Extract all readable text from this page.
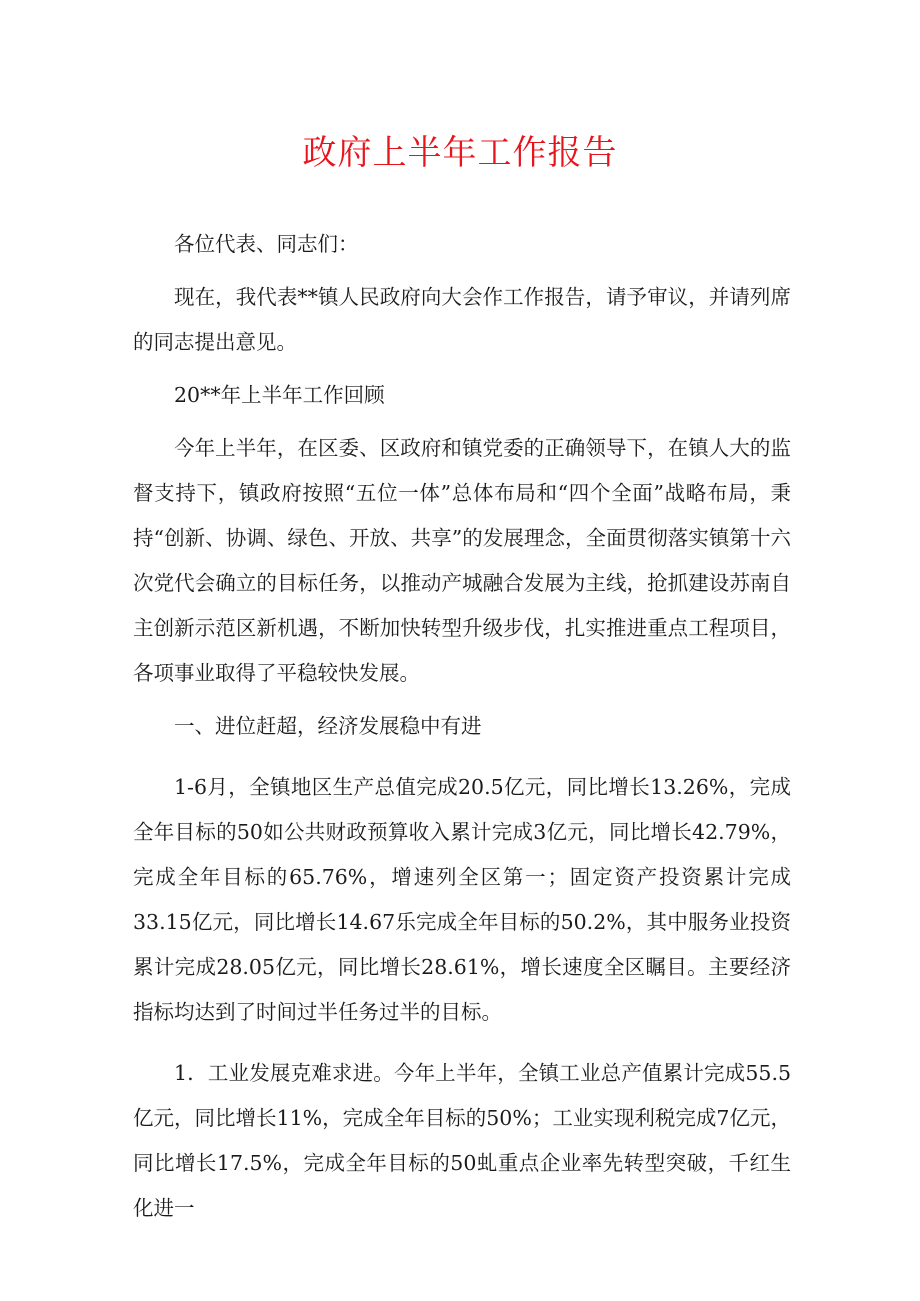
政府上半年工作报告

各位代表、同志们：

现在，我代表**镇人民政府向大会作工作报告，请予审议，并请列席的同志提出意见。

20**年上半年工作回顾

今年上半年，在区委、区政府和镇党委的正确领导下，在镇人大的监督支持下，镇政府按照“五位一体”总体布局和“四个全面”战略布局，秉持“创新、协调、绿色、开放、共享”的发展理念，全面贯彻落实镇第十六次党代会确立的目标任务，以推动产城融合发展为主线，抢抓建设苏南自主创新示范区新机遇，不断加快转型升级步伐，扎实推进重点工程项目，各项事业取得了平稳较快发展。

一、进位赶超，经济发展稳中有进

1-6月，全镇地区生产总值完成20.5亿元，同比增长13.26%，完成全年目标的50如公共财政预算收入累计完成3亿元，同比增长42.79%，完成全年目标的65.76%，增速列全区第一；固定资产投资累计完成33.15亿元，同比增长14.67乐完成全年目标的50.2%，其中服务业投资累计完成28.05亿元，同比增长28.61%，增长速度全区瞩目。主要经济指标均达到了时间过半任务过半的目标。

1．工业发展克难求进。今年上半年，全镇工业总产值累计完成55.5亿元，同比增长11%，完成全年目标的50%；工业实现利税完成7亿元，同比增长17.5%，完成全年目标的50虬重点企业率先转型突破，千红生化进一
